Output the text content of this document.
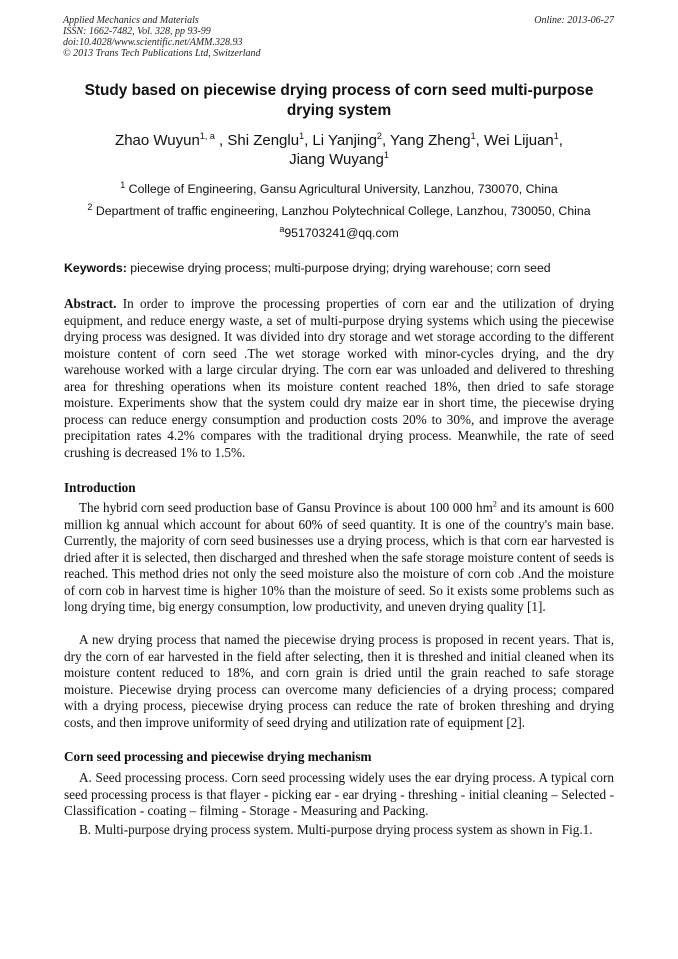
Applied Mechanics and Materials
ISSN: 1662-7482, Vol. 328, pp 93-99
doi:10.4028/www.scientific.net/AMM.328.93
© 2013 Trans Tech Publications Ltd, Switzerland
Online: 2013-06-27
Study based on piecewise drying process of corn seed multi-purpose drying system
Zhao Wuyun$^{1, a}$ , Shi Zenglu$^1$, Li Yanjing$^2$, Yang Zheng$^1$, Wei Lijuan$^1$,
Jiang Wuyang$^1$
$^1$ College of Engineering, Gansu Agricultural University, Lanzhou, 730070, China
$^2$ Department of traffic engineering, Lanzhou Polytechnical College, Lanzhou, 730050, China
$^a$951703241@qq.com
Keywords: piecewise drying process; multi-purpose drying; drying warehouse; corn seed
Abstract. In order to improve the processing properties of corn ear and the utilization of drying equipment, and reduce energy waste, a set of multi-purpose drying systems which using the piecewise drying process was designed. It was divided into dry storage and wet storage according to the different moisture content of corn seed .The wet storage worked with minor-cycles drying, and the dry warehouse worked with a large circular drying. The corn ear was unloaded and delivered to threshing area for threshing operations when its moisture content reached 18%, then dried to safe storage moisture. Experiments show that the system could dry maize ear in short time, the piecewise drying process can reduce energy consumption and production costs 20% to 30%, and improve the average precipitation rates 4.2% compares with the traditional drying process. Meanwhile, the rate of seed crushing is decreased 1% to 1.5%.
Introduction
The hybrid corn seed production base of Gansu Province is about 100 000 $hm^2$ and its amount is 600 million kg annual which account for about 60% of seed quantity. It is one of the country's main base. Currently, the majority of corn seed businesses use a drying process, which is that corn ear harvested is dried after it is selected, then discharged and threshed when the safe storage moisture content of seeds is reached. This method dries not only the seed moisture also the moisture of corn cob .And the moisture of corn cob in harvest time is higher 10% than the moisture of seed. So it exists some problems such as long drying time, big energy consumption, low productivity, and uneven drying quality [1].
A new drying process that named the piecewise drying process is proposed in recent years. That is, dry the corn of ear harvested in the field after selecting, then it is threshed and initial cleaned when its moisture content reduced to 18%, and corn grain is dried until the grain reached to safe storage moisture. Piecewise drying process can overcome many deficiencies of a drying process; compared with a drying process, piecewise drying process can reduce the rate of broken threshing and drying costs, and then improve uniformity of seed drying and utilization rate of equipment [2].
Corn seed processing and piecewise drying mechanism
A. Seed processing process. Corn seed processing widely uses the ear drying process. A typical corn seed processing process is that flayer - picking ear - ear drying - threshing - initial cleaning – Selected - Classification - coating – filming - Storage - Measuring and Packing.
B. Multi-purpose drying process system. Multi-purpose drying process system as shown in Fig.1.
